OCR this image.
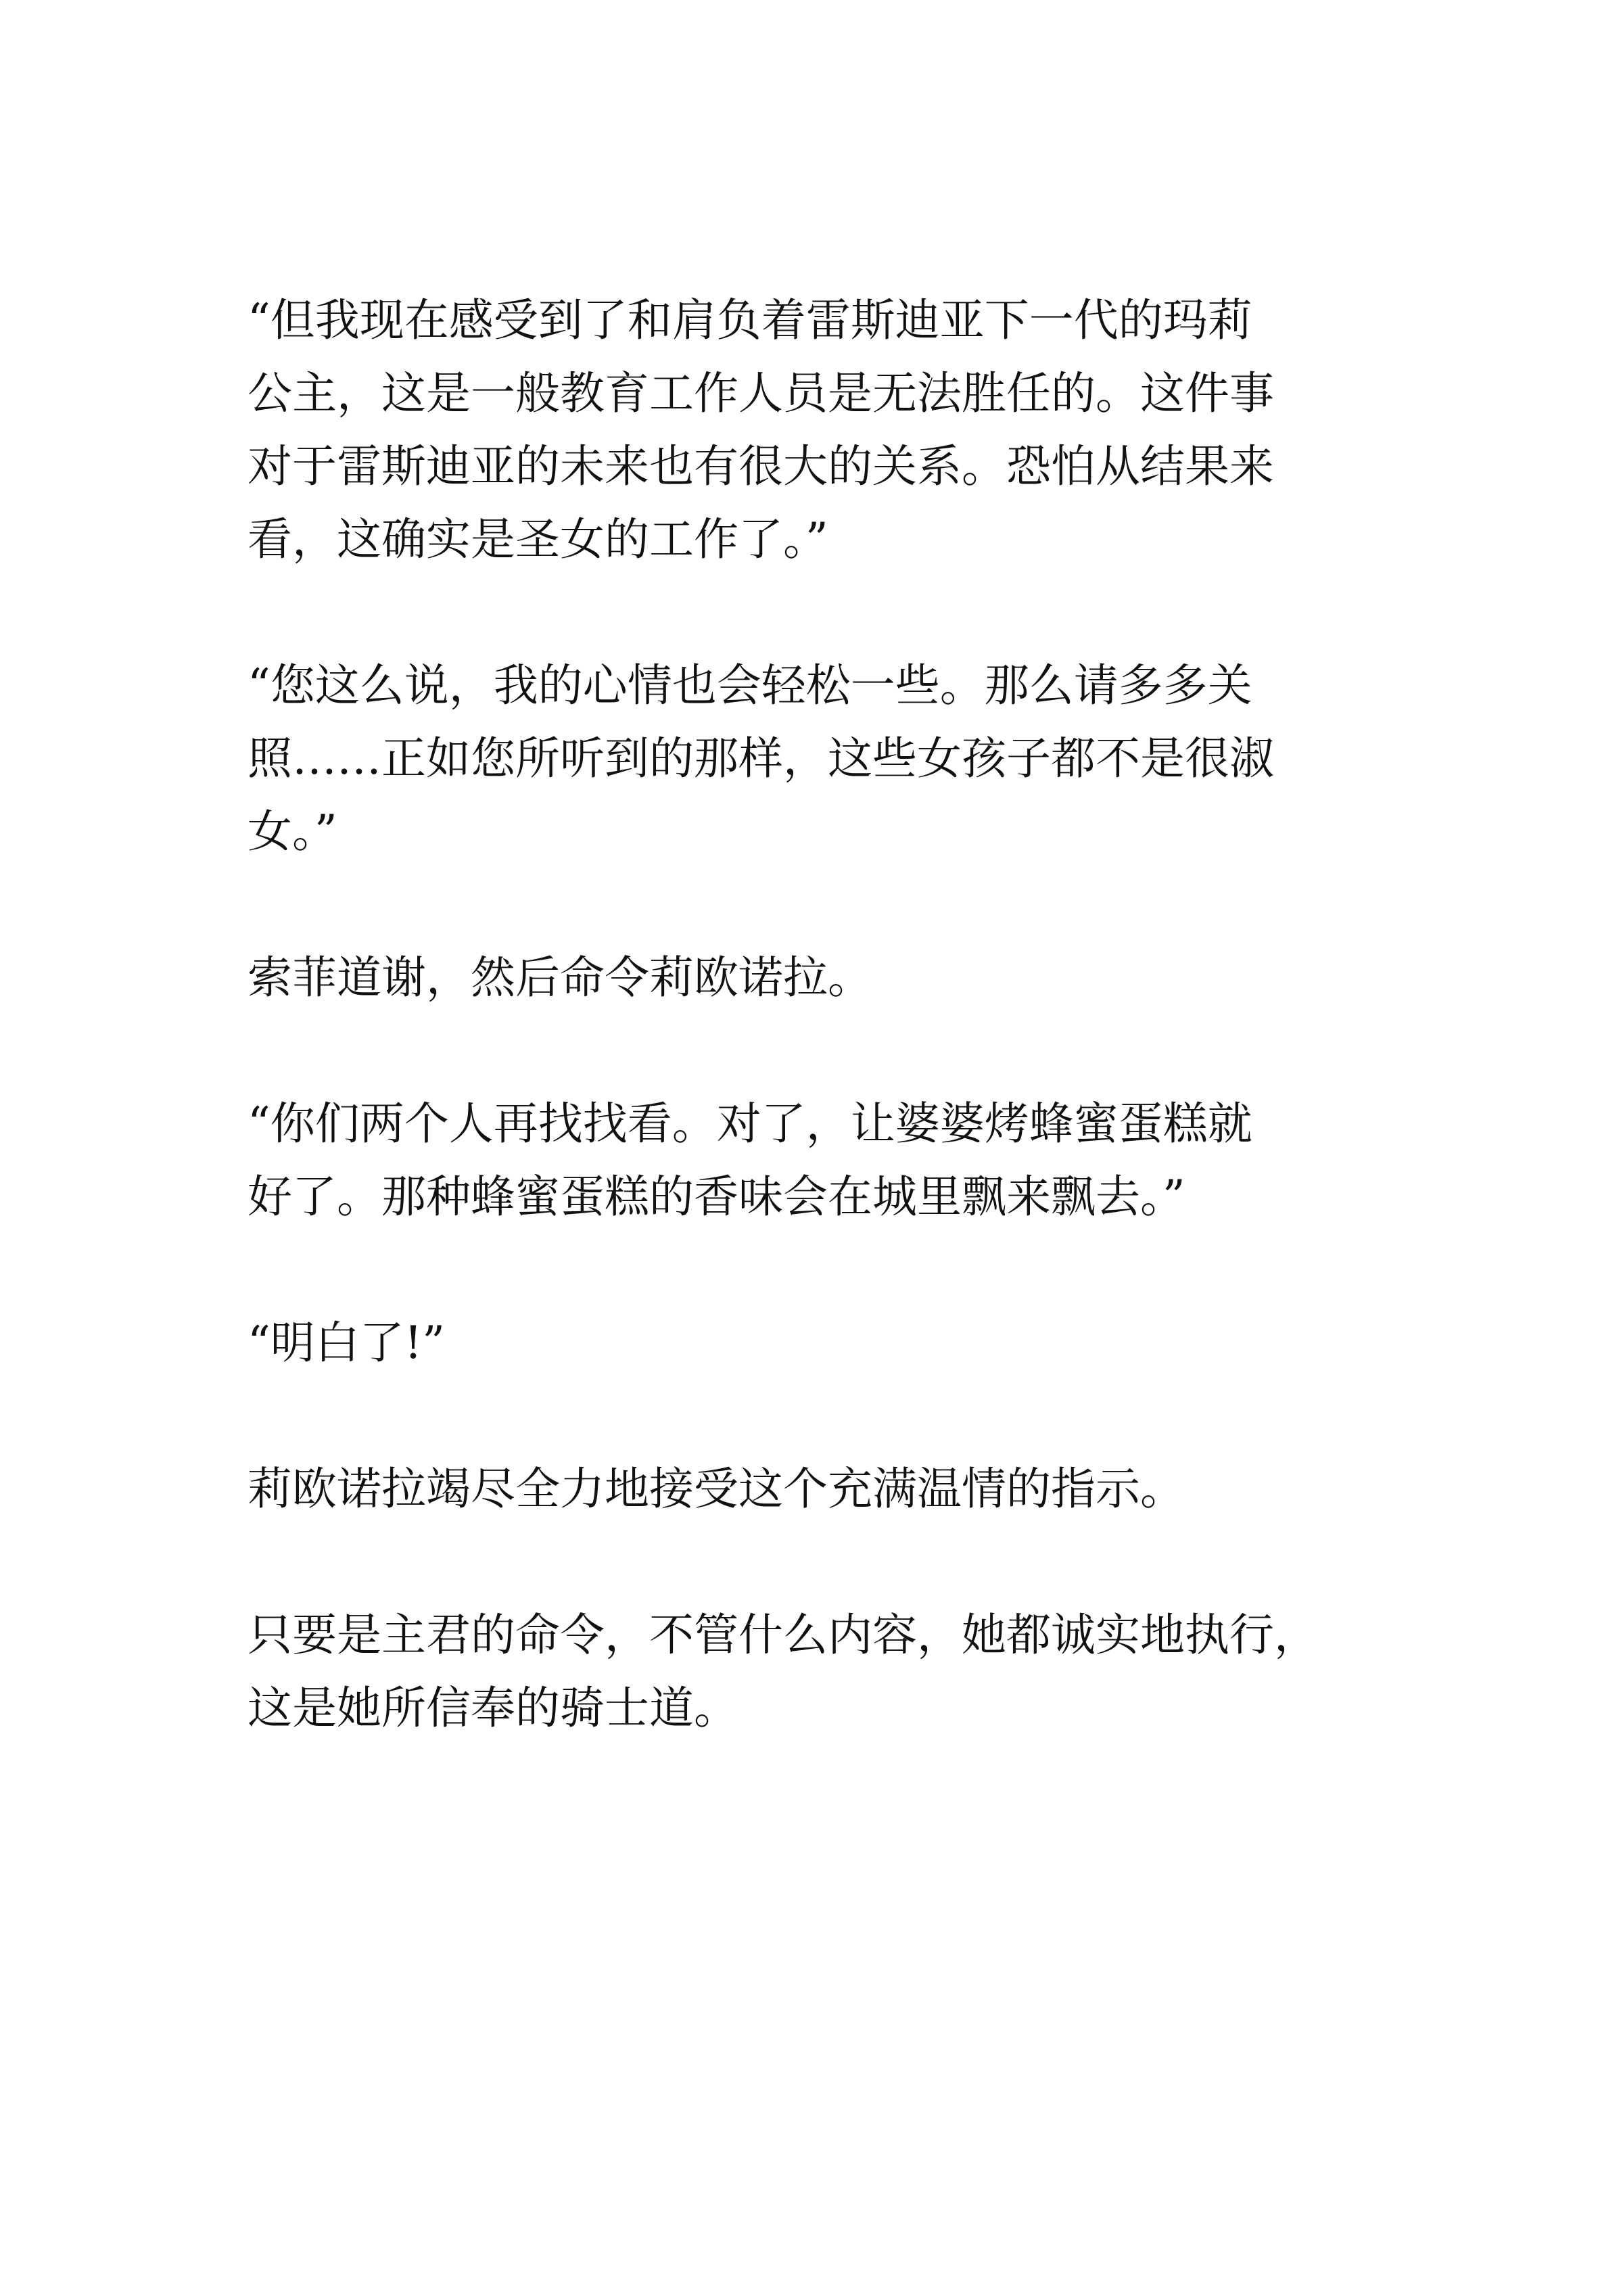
“但我现在感受到了和肩负着雷斯迪亚下一代的玛莉
公主，这是一般教育工作人员是无法胜任的。这件事
对于雷斯迪亚的未来也有很大的关系。恐怕从结果来
看，这确实是圣女的工作了。”

“您这么说，我的心情也会轻松一些。那么请多多关
照……正如您所听到的那样，这些女孩子都不是很淑
女。”

索菲道谢，然后命令莉欧诺拉。

“你们两个人再找找看。对了，让婆婆烤蜂蜜蛋糕就
好了。那种蜂蜜蛋糕的香味会在城里飘来飘去。”

“明白了!”

莉欧诺拉竭尽全力地接受这个充满温情的指示。

只要是主君的命令，不管什么内容，她都诚实地执行，
这是她所信奉的骑士道。
